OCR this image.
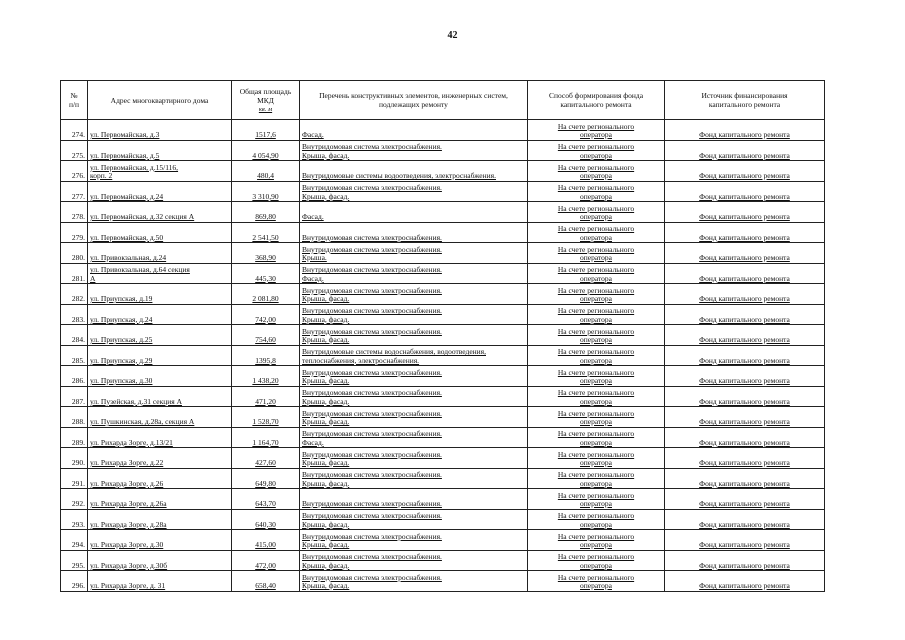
42
№
п/п	Адрес многоквартирного дома	Общая площадь
МКД
кв. м	Перечень конструктивных элементов, инженерных систем,
подлежащих ремонту	Способ формирования фонда
капитального ремонта	Источник финансирования
капитального ремонта

274.	ул. Первомайская, д.3	1517,6	Фасад.	На счете регионального
оператора	Фонд капитального ремонта

275.	ул. Первомайская, д.5	4 054,90	Внутридомовая система электроснабжения.
Крыша, фасад.	На счете регионального
оператора	Фонд капитального ремонта

276.	ул. Первомайская, д.15/116,
корп. 2	480,4	Внутридомовые системы водоотведения, электроснабжения.	На счете регионального
оператора	Фонд капитального ремонта

277.	ул. Первомайская, д.24	3 310,90	Внутридомовая система электроснабжения.
Крыша, фасад.	На счете регионального
оператора	Фонд капитального ремонта

278.	ул. Первомайская, д.32 секция А	869,80	Фасад.	На счете регионального
оператора	Фонд капитального ремонта

279.	ул. Первомайская, д.50	2 541,50	Внутридомовая система электроснабжения.	На счете регионального
оператора	Фонд капитального ремонта

280.	ул. Привокзальная, д.24	368,90	Внутридомовая система электроснабжения.
Крыша.	На счете регионального
оператора	Фонд капитального ремонта

281.	ул. Привокзальная, д.64 секция
А	445,30	Внутридомовая система электроснабжения.
Фасад.	На счете регионального
оператора	Фонд капитального ремонта

282.	ул. Приупская, д.19	2 081,80	Внутридомовая система электроснабжения.
Крыша, фасад.	На счете регионального
оператора	Фонд капитального ремонта

283.	ул. Приупская, д.24	742,00	Внутридомовая система электроснабжения.
Крыша, фасад.	На счете регионального
оператора	Фонд капитального ремонта

284.	ул. Приупская, д.25	754,60	Внутридомовая система электроснабжения.
Крыша, фасад.	На счете регионального
оператора	Фонд капитального ремонта

285.	ул. Приупская, д.29	1395,8	Внутридомовые системы водоснабжения, водоотведения,
теплоснабжения, электроснабжения.	На счете регионального
оператора	Фонд капитального ремонта

286.	ул. Приупская, д.30	1 438,20	Внутридомовая система электроснабжения.
Крыша, фасад.	На счете регионального
оператора	Фонд капитального ремонта

287.	ул. Пузейская, д.31 секция А	471,20	Внутридомовая система электроснабжения.
Крыша, фасад.	На счете регионального
оператора	Фонд капитального ремонта

288.	ул. Пушкинская, д.28а, секция А	1 528,70	Внутридомовая система электроснабжения.
Крыша, фасад.	На счете регионального
оператора	Фонд капитального ремонта

289.	ул. Рихарда Зорге, д.13/21	1 164,70	Внутридомовая система электроснабжения.
Фасад.	На счете регионального
оператора	Фонд капитального ремонта

290.	ул. Рихарда Зорге, д.22	427,60	Внутридомовая система электроснабжения.
Крыша, фасад.	На счете регионального
оператора	Фонд капитального ремонта

291.	ул. Рихарда Зорге, д.26	649,80	Внутридомовая система электроснабжения.
Крыша, фасад.	На счете регионального
оператора	Фонд капитального ремонта

292.	ул. Рихарда Зорге, д.26а	643,70	Внутридомовая система электроснабжения.	На счете регионального
оператора	Фонд капитального ремонта

293.	ул. Рихарда Зорге, д.28а	640,30	Внутридомовая система электроснабжения.
Крыша, фасад.	На счете регионального
оператора	Фонд капитального ремонта

294.	ул. Рихарда Зорге, д.30	415,00	Внутридомовая система электроснабжения.
Крыша, фасад.	На счете регионального
оператора	Фонд капитального ремонта

295.	ул. Рихарда Зорге, д.30б	472,00	Внутридомовая система электроснабжения.
Крыша, фасад.	На счете регионального
оператора	Фонд капитального ремонта

296.	ул. Рихарда Зорге, д. 31	658,40	Внутридомовая система электроснабжения.
Крыша, фасад.	На счете регионального
оператора	Фонд капитального ремонта
